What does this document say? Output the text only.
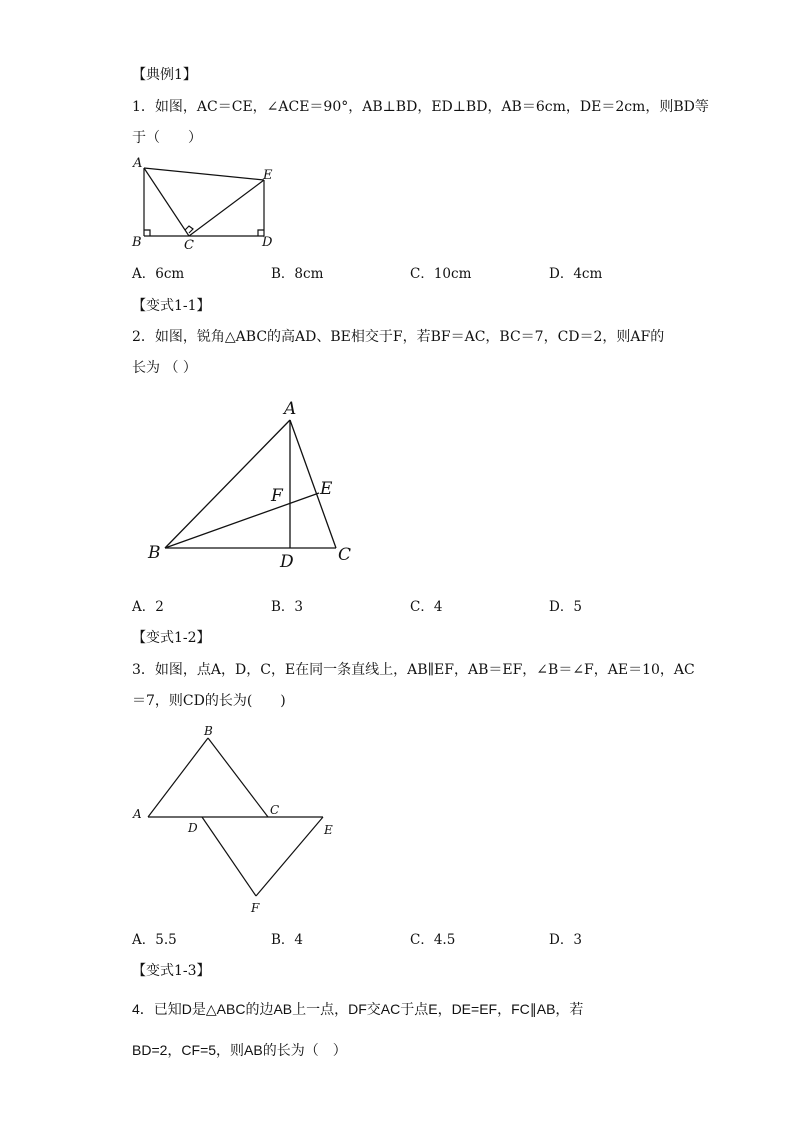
【典例1】
1．如图，AC＝CE，∠ACE＝90°，AB⊥BD，ED⊥BD，AB＝6cm，DE＝2cm，则BD等
于（　　）
A
B	C	D
E
A．6cm	B．8cm	C．10cm	D．4cm
【变式1-1】
2．如图，锐角△ABC的高AD、BE相交于F，若BF＝AC，BC＝7，CD＝2，则AF的
长为 （ ）
A
B	C
D
E
F
A．2	B．3	C．4	D．5
【变式1-2】
3．如图，点A，D，C，E在同一条直线上，AB∥EF，AB＝EF，∠B＝∠F，AE＝10，AC
＝7，则CD的长为(　　)
A
B
C
D	E
F
A．5.5	B．4	C．4.5	D．3
【变式1-3】
4．已知D是△ABC的边AB上一点，DF交AC于点E，DE=EF，FC∥AB，若
BD=2，CF=5，则AB的长为（　）
